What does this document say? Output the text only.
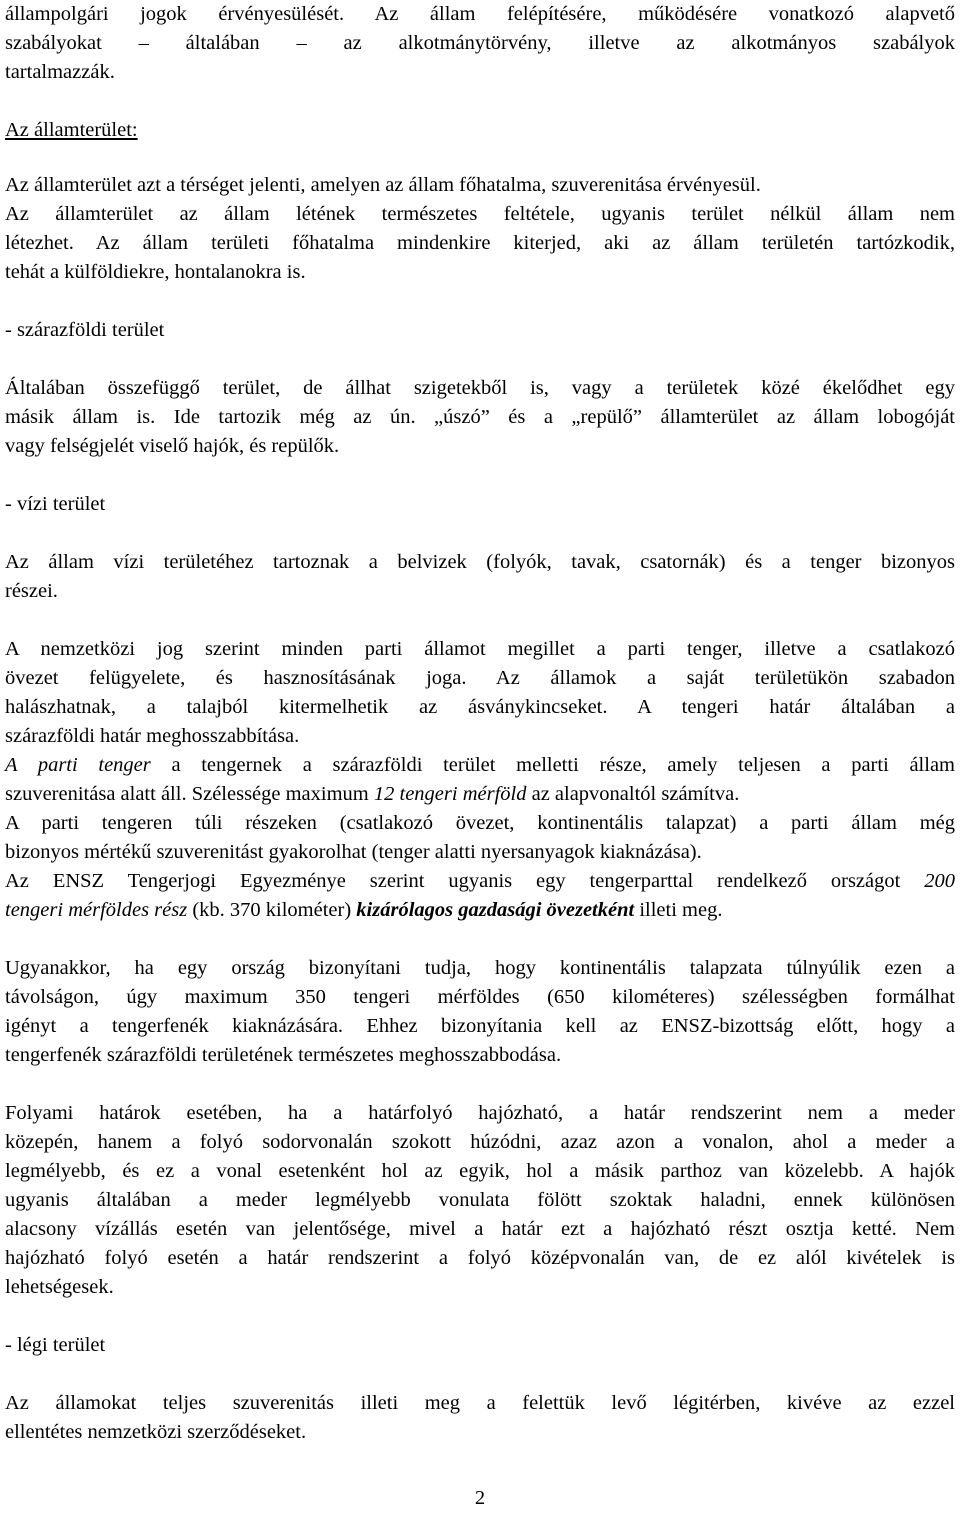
állampolgári jogok érvényesülését. Az állam felépítésére, működésére vonatkozó alapvető
szabályokat – általában – az alkotmánytörvény, illetve az alkotmányos szabályok
tartalmazzák.
Az államterület:
Az államterület azt a térséget jelenti, amelyen az állam főhatalma, szuverenitása érvényesül.
Az államterület az állam létének természetes feltétele, ugyanis terület nélkül állam nem
létezhet. Az állam területi főhatalma mindenkire kiterjed, aki az állam területén tartózkodik,
tehát a külföldiekre, hontalanokra is.
- szárazföldi terület
Általában összefüggő terület, de állhat szigetekből is, vagy a területek közé ékelődhet egy
másik állam is. Ide tartozik még az ún. „úszó” és a „repülő” államterület az állam lobogóját
vagy felségjelét viselő hajók, és repülők.
- vízi terület
Az állam vízi területéhez tartoznak a belvizek (folyók, tavak, csatornák) és a tenger bizonyos
részei.
A nemzetközi jog szerint minden parti államot megillet a parti tenger, illetve a csatlakozó
övezet felügyelete, és hasznosításának joga. Az államok a saját területükön szabadon
halászhatnak, a talajból kitermelhetik az ásványkincseket. A tengeri határ általában a
szárazföldi határ meghosszabbítása.
A parti tenger a tengernek a szárazföldi terület melletti része, amely teljesen a parti állam
szuverenitása alatt áll. Szélessége maximum 12 tengeri mérföld az alapvonaltól számítva.
A parti tengeren túli részeken (csatlakozó övezet, kontinentális talapzat) a parti állam még
bizonyos mértékű szuverenitást gyakorolhat (tenger alatti nyersanyagok kiaknázása).
Az ENSZ Tengerjogi Egyezménye szerint ugyanis egy tengerparttal rendelkező országot 200
tengeri mérföldes rész (kb. 370 kilométer) kizárólagos gazdasági övezetként illeti meg.
Ugyanakkor, ha egy ország bizonyítani tudja, hogy kontinentális talapzata túlnyúlik ezen a
távolságon, úgy maximum 350 tengeri mérföldes (650 kilométeres) szélességben formálhat
igényt a tengerfenék kiaknázására. Ehhez bizonyítania kell az ENSZ-bizottság előtt, hogy a
tengerfenék szárazföldi területének természetes meghosszabbodása.
Folyami határok esetében, ha a határfolyó hajózható, a határ rendszerint nem a meder
közepén, hanem a folyó sodorvonalán szokott húzódni, azaz azon a vonalon, ahol a meder a
legmélyebb, és ez a vonal esetenként hol az egyik, hol a másik parthoz van közelebb. A hajók
ugyanis általában a meder legmélyebb vonulata fölött szoktak haladni, ennek különösen
alacsony vízállás esetén van jelentősége, mivel a határ ezt a hajózható részt osztja ketté. Nem
hajózható folyó esetén a határ rendszerint a folyó középvonalán van, de ez alól kivételek is
lehetségesek.
- légi terület
Az államokat teljes szuverenitás illeti meg a felettük levő légitérben, kivéve az ezzel
ellentétes nemzetközi szerződéseket.
2
